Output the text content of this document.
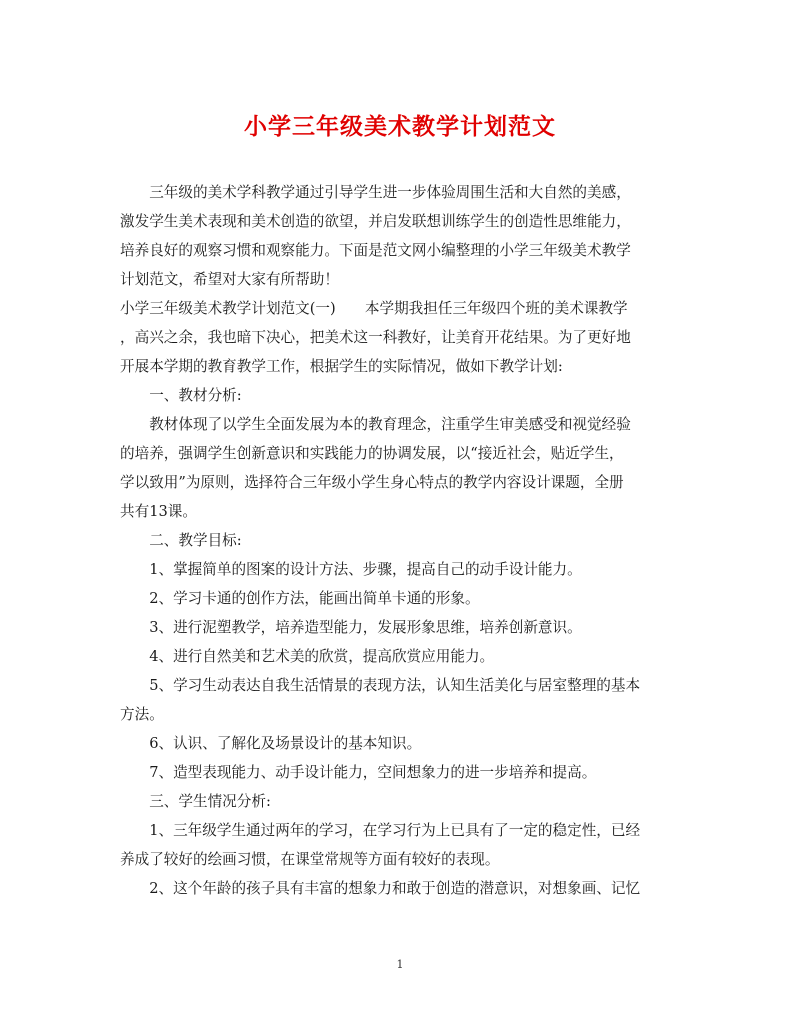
小学三年级美术教学计划范文

　　三年级的美术学科教学通过引导学生进一步体验周围生活和大自然的美感，
激发学生美术表现和美术创造的欲望，并启发联想训练学生的创造性思维能力，
培养良好的观察习惯和观察能力。下面是范文网小编整理的小学三年级美术教学
计划范文，希望对大家有所帮助！

小学三年级美术教学计划范文(一)　　本学期我担任三年级四个班的美术课教学
，高兴之余，我也暗下决心，把美术这一科教好，让美育开花结果。为了更好地
开展本学期的教育教学工作，根据学生的实际情况，做如下教学计划:

一、教材分析:

　　教材体现了以学生全面发展为本的教育理念，注重学生审美感受和视觉经验
的培养，强调学生创新意识和实践能力的协调发展，以“接近社会，贴近学生，
学以致用”为原则，选择符合三年级小学生身心特点的教学内容设计课题，全册
共有13课。

二、教学目标:

1、掌握简单的图案的设计方法、步骤，提高自己的动手设计能力。

2、学习卡通的创作方法，能画出简单卡通的形象。

3、进行泥塑教学，培养造型能力，发展形象思维，培养创新意识。

4、进行自然美和艺术美的欣赏，提高欣赏应用能力。

　　5、学习生动表达自我生活情景的表现方法，认知生活美化与居室整理的基本
方法。

6、认识、了解化及场景设计的基本知识。

7、造型表现能力、动手设计能力，空间想象力的进一步培养和提高。

三、学生情况分析:

　　1、三年级学生通过两年的学习，在学习行为上已具有了一定的稳定性，已经
养成了较好的绘画习惯，在课堂常规等方面有较好的表现。

2、这个年龄的孩子具有丰富的想象力和敢于创造的潜意识，对想象画、记忆

1
